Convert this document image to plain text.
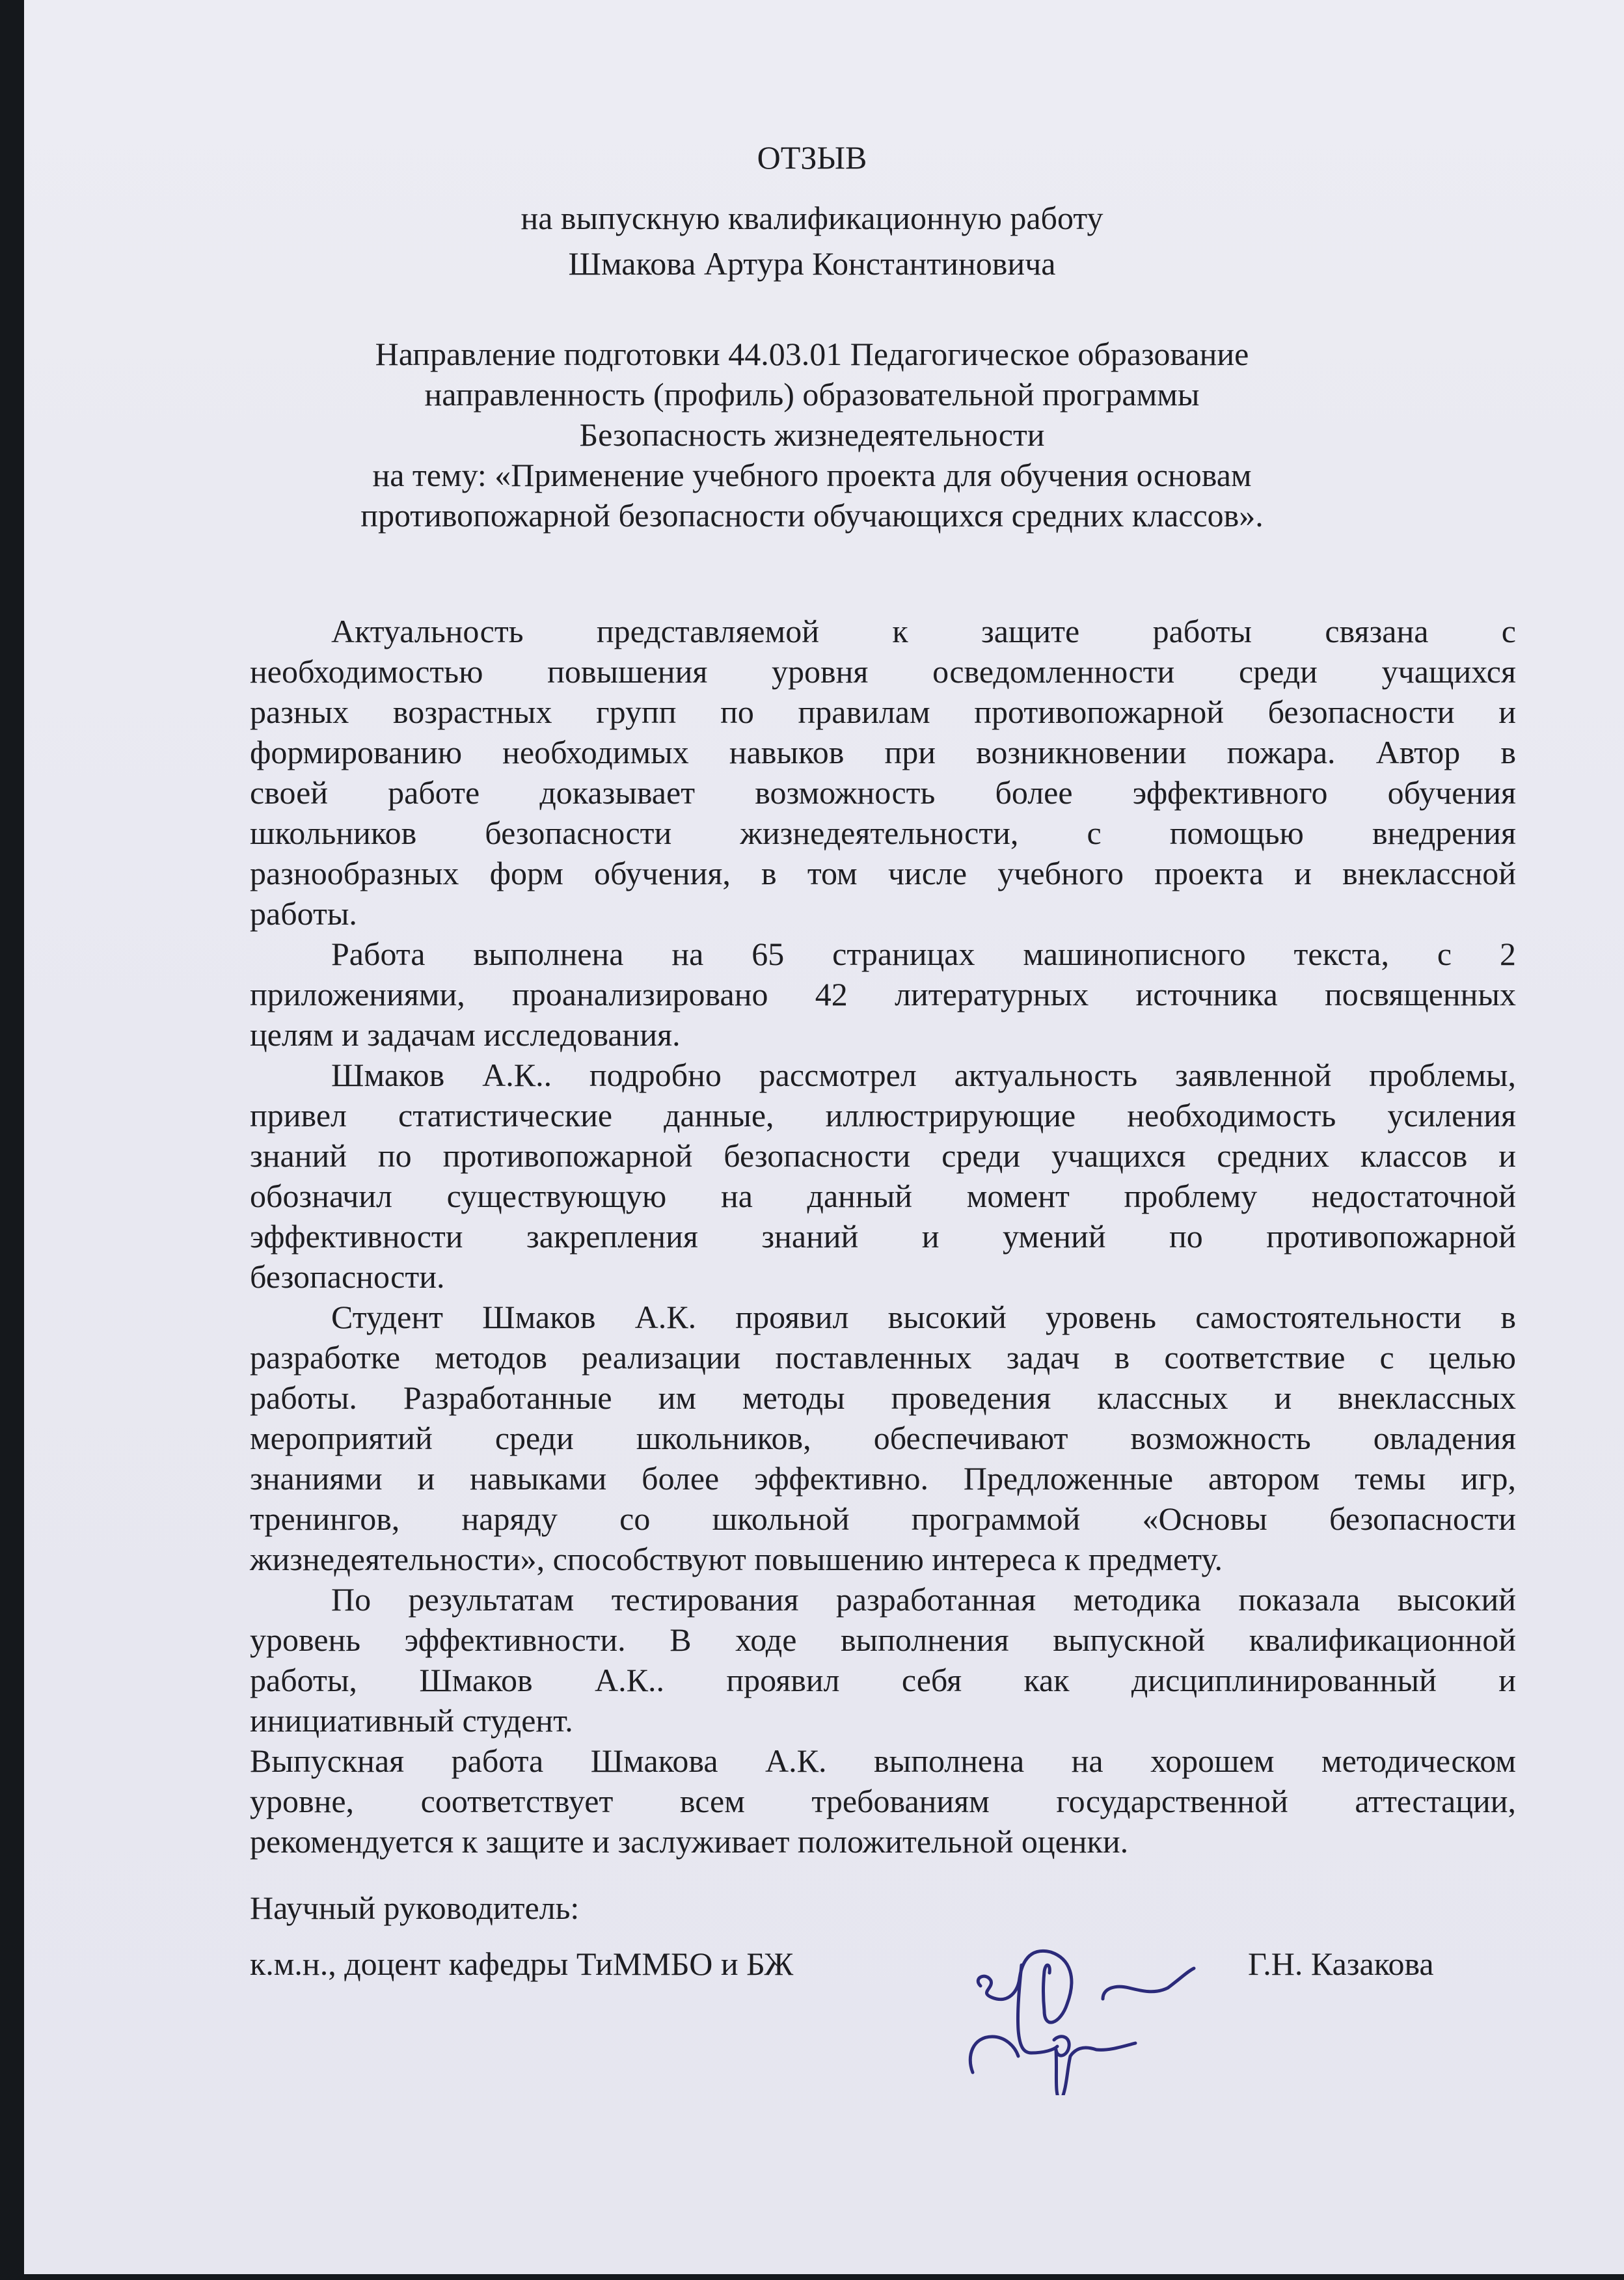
ОТЗЫВ
на выпускную квалификационную работу
Шмакова Артура Константиновича
Направление подготовки 44.03.01 Педагогическое образование
направленность (профиль) образовательной программы
Безопасность жизнедеятельности
на тему: «Применение учебного проекта для обучения основам
противопожарной безопасности обучающихся средних классов».
Актуальность представляемой к защите работы связана с
необходимостью повышения уровня осведомленности среди учащихся
разных возрастных групп по правилам противопожарной безопасности и
формированию необходимых навыков при возникновении пожара. Автор в
своей работе доказывает возможность более эффективного обучения
школьников безопасности жизнедеятельности, с помощью внедрения
разнообразных форм обучения, в том числе учебного проекта и внеклассной
работы.
Работа выполнена на 65 страницах машинописного текста, с 2
приложениями, проанализировано 42 литературных источника посвященных
целям и задачам исследования.
Шмаков А.К.. подробно рассмотрел актуальность заявленной проблемы,
привел статистические данные, иллюстрирующие необходимость усиления
знаний по противопожарной безопасности среди учащихся средних классов и
обозначил существующую на данный момент проблему недостаточной
эффективности закрепления знаний и умений по противопожарной
безопасности.
Студент Шмаков А.К. проявил высокий уровень самостоятельности в
разработке методов реализации поставленных задач в соответствие с целью
работы. Разработанные им методы проведения классных и внеклассных
мероприятий среди школьников, обеспечивают возможность овладения
знаниями и навыками более эффективно. Предложенные автором темы игр,
тренингов, наряду со школьной программой «Основы безопасности
жизнедеятельности», способствуют повышению интереса к предмету.
По результатам тестирования разработанная методика показала высокий
уровень эффективности. В ходе выполнения выпускной квалификационной
работы, Шмаков А.К.. проявил себя как дисциплинированный и
инициативный студент.
Выпускная работа Шмакова А.К. выполнена на хорошем методическом
уровне, соответствует всем требованиям государственной аттестации,
рекомендуется к защите и заслуживает положительной оценки.
Научный руководитель:
к.м.н., доцент кафедры ТиММБО и БЖ	Г.Н. Казакова
